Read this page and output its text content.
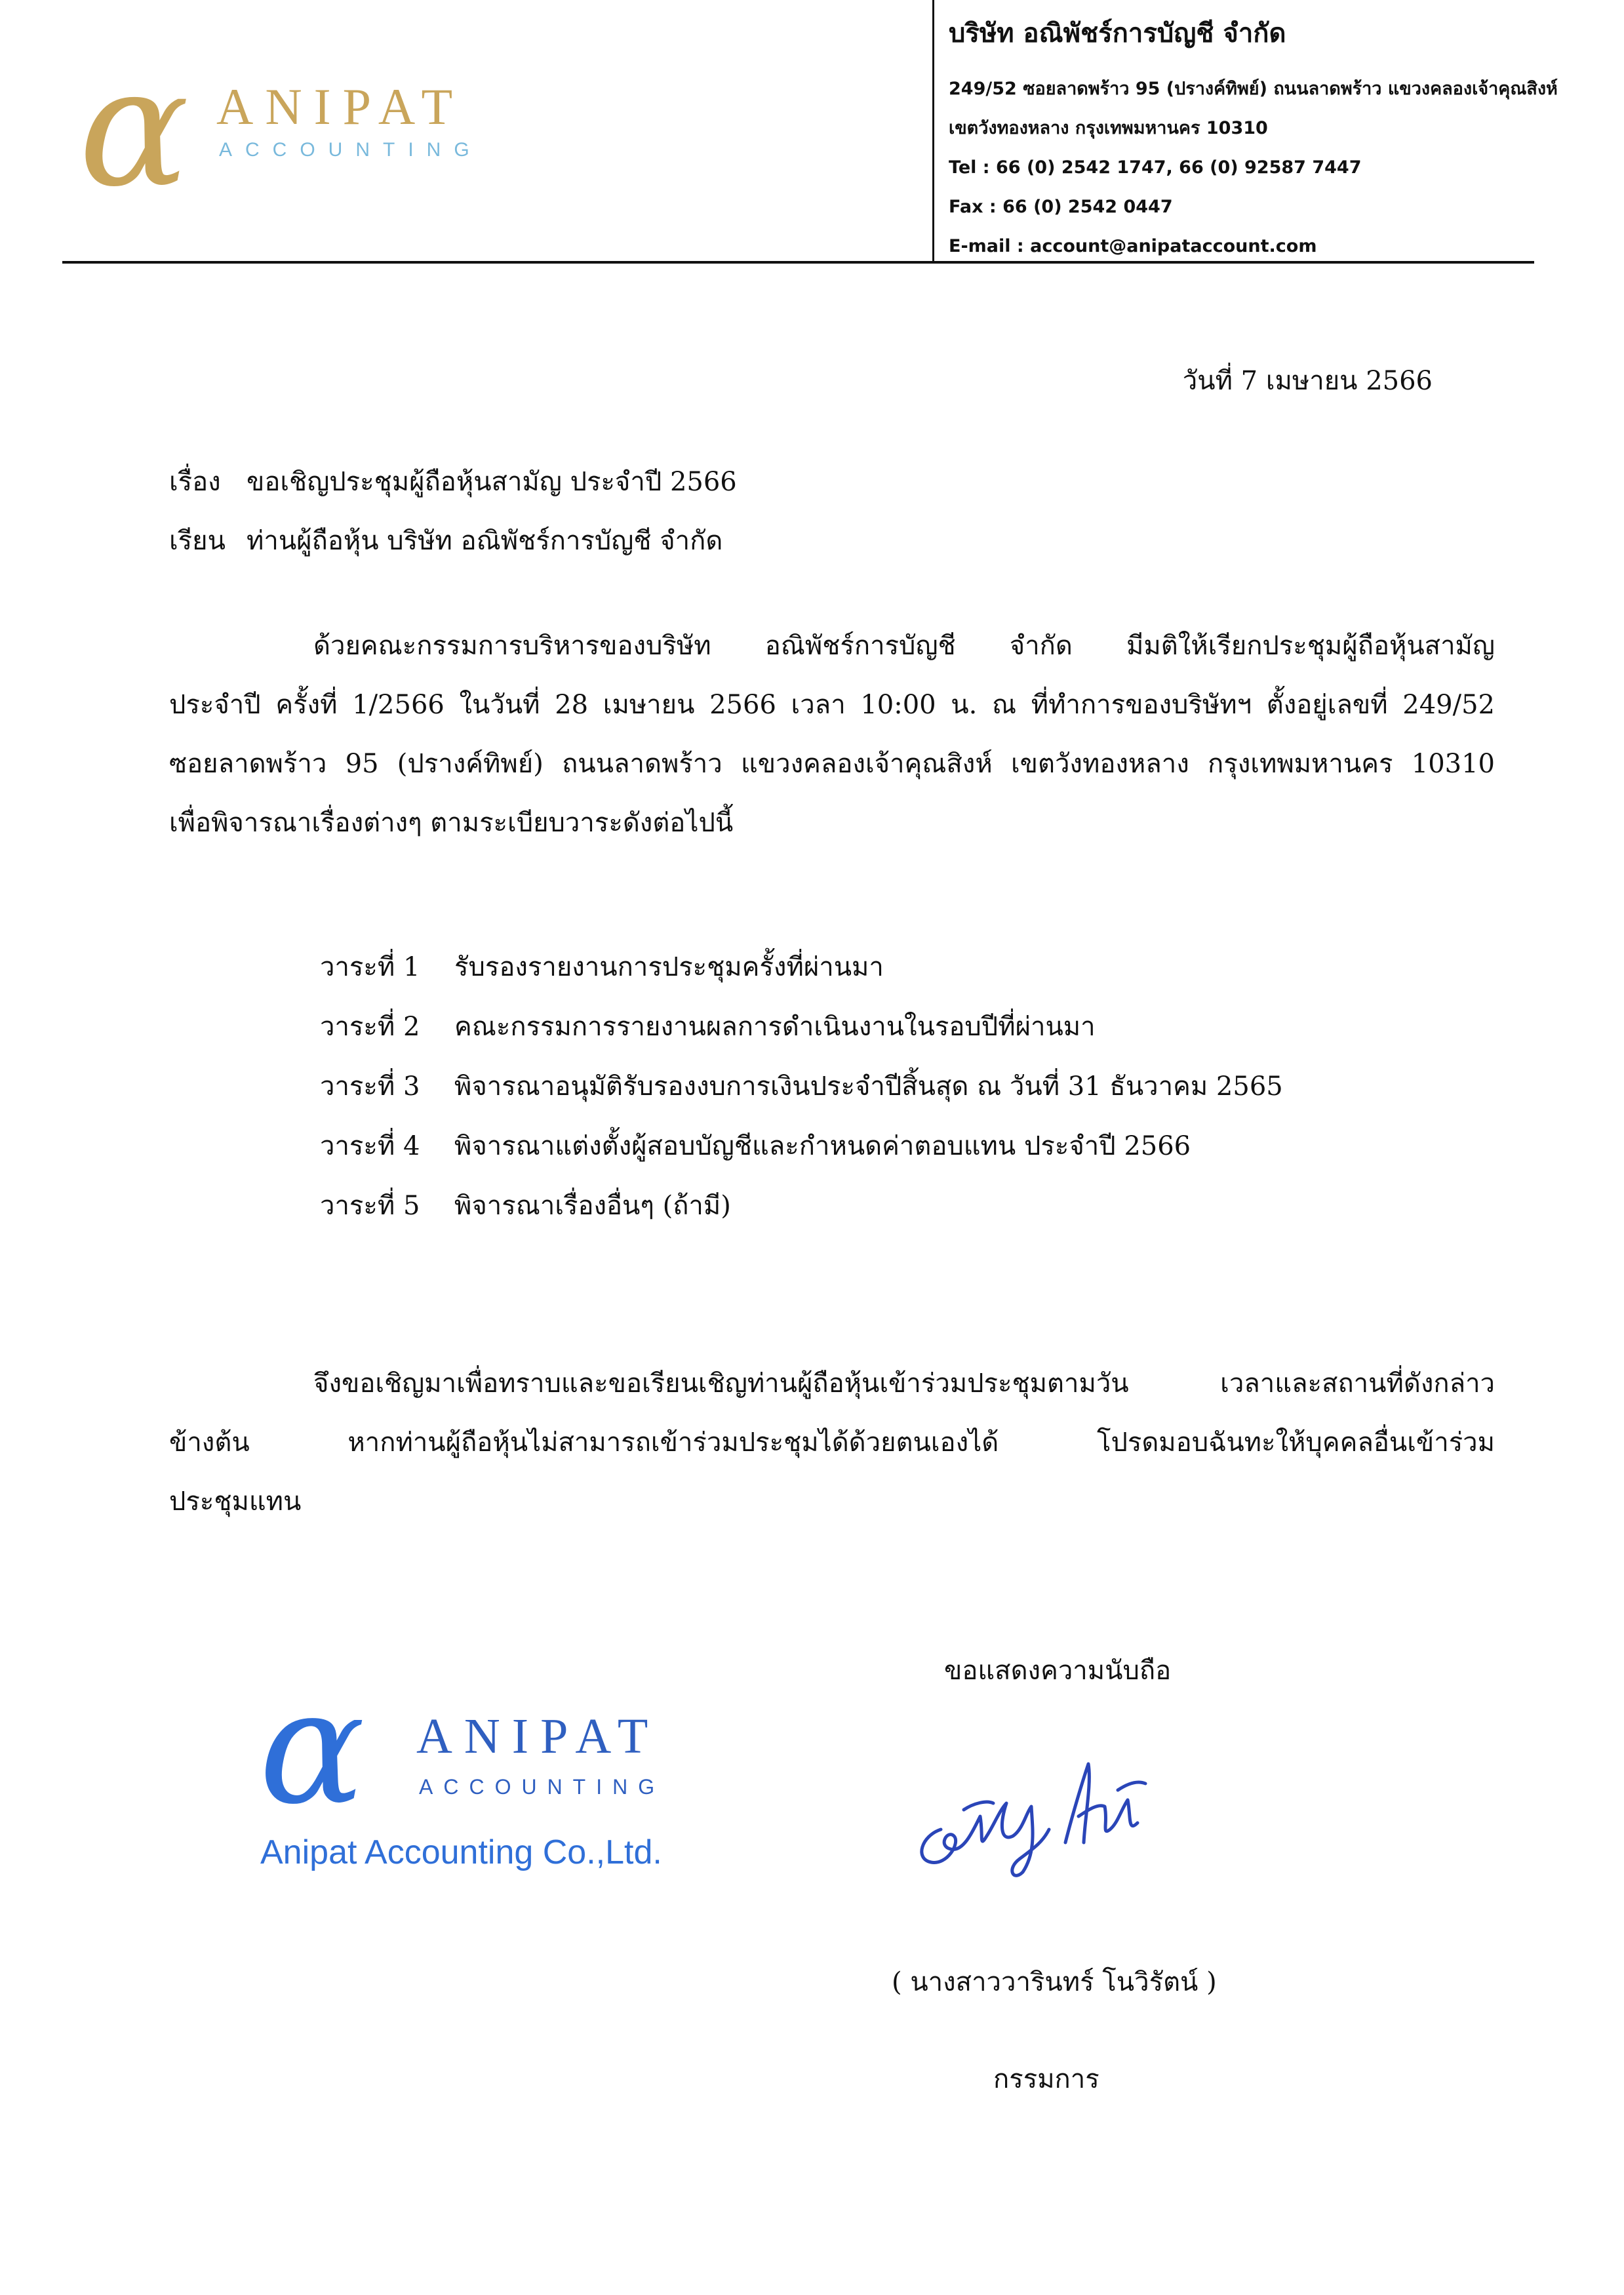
α ANIPAT
ACCOUNTING
บริษัท อณิพัชร์การบัญชี จำกัด
249/52 ซอยลาดพร้าว 95 (ปรางค์ทิพย์) ถนนลาดพร้าว แขวงคลองเจ้าคุณสิงห์
เขตวังทองหลาง กรุงเทพมหานคร 10310
Tel : 66 (0) 2542 1747, 66 (0) 92587 7447
Fax : 66 (0) 2542 0447
E-mail : account@anipataccount.com
วันที่ 7 เมษายน 2566
เรื่อง ขอเชิญประชุมผู้ถือหุ้นสามัญ ประจำปี 2566
เรียน ท่านผู้ถือหุ้น บริษัท อณิพัชร์การบัญชี จำกัด
ด้วยคณะกรรมการบริหารของบริษัท อณิพัชร์การบัญชี จำกัด มีมติให้เรียกประชุมผู้ถือหุ้นสามัญ
ประจำปี ครั้งที่ 1/2566 ในวันที่ 28 เมษายน 2566 เวลา 10:00 น. ณ ที่ทำการของบริษัทฯ ตั้งอยู่เลขที่ 249/52
ซอยลาดพร้าว 95 (ปรางค์ทิพย์) ถนนลาดพร้าว แขวงคลองเจ้าคุณสิงห์ เขตวังทองหลาง กรุงเทพมหานคร 10310
เพื่อพิจารณาเรื่องต่างๆ ตามระเบียบวาระดังต่อไปนี้
วาระที่ 1 รับรองรายงานการประชุมครั้งที่ผ่านมา
วาระที่ 2 คณะกรรมการรายงานผลการดำเนินงานในรอบปีที่ผ่านมา
วาระที่ 3 พิจารณาอนุมัติรับรองงบการเงินประจำปีสิ้นสุด ณ วันที่ 31 ธันวาคม 2565
วาระที่ 4 พิจารณาแต่งตั้งผู้สอบบัญชีและกำหนดค่าตอบแทน ประจำปี 2566
วาระที่ 5 พิจารณาเรื่องอื่นๆ (ถ้ามี)
จึงขอเชิญมาเพื่อทราบและขอเรียนเชิญท่านผู้ถือหุ้นเข้าร่วมประชุมตามวัน เวลาและสถานที่ดังกล่าว
ข้างต้น หากท่านผู้ถือหุ้นไม่สามารถเข้าร่วมประชุมได้ด้วยตนเองได้ โปรดมอบฉันทะให้บุคคลอื่นเข้าร่วม
ประชุมแทน
ขอแสดงความนับถือ
α ANIPAT
ACCOUNTING
Anipat Accounting Co.,Ltd.
( นางสาววารินทร์ โนวิรัตน์ )
กรรมการ
